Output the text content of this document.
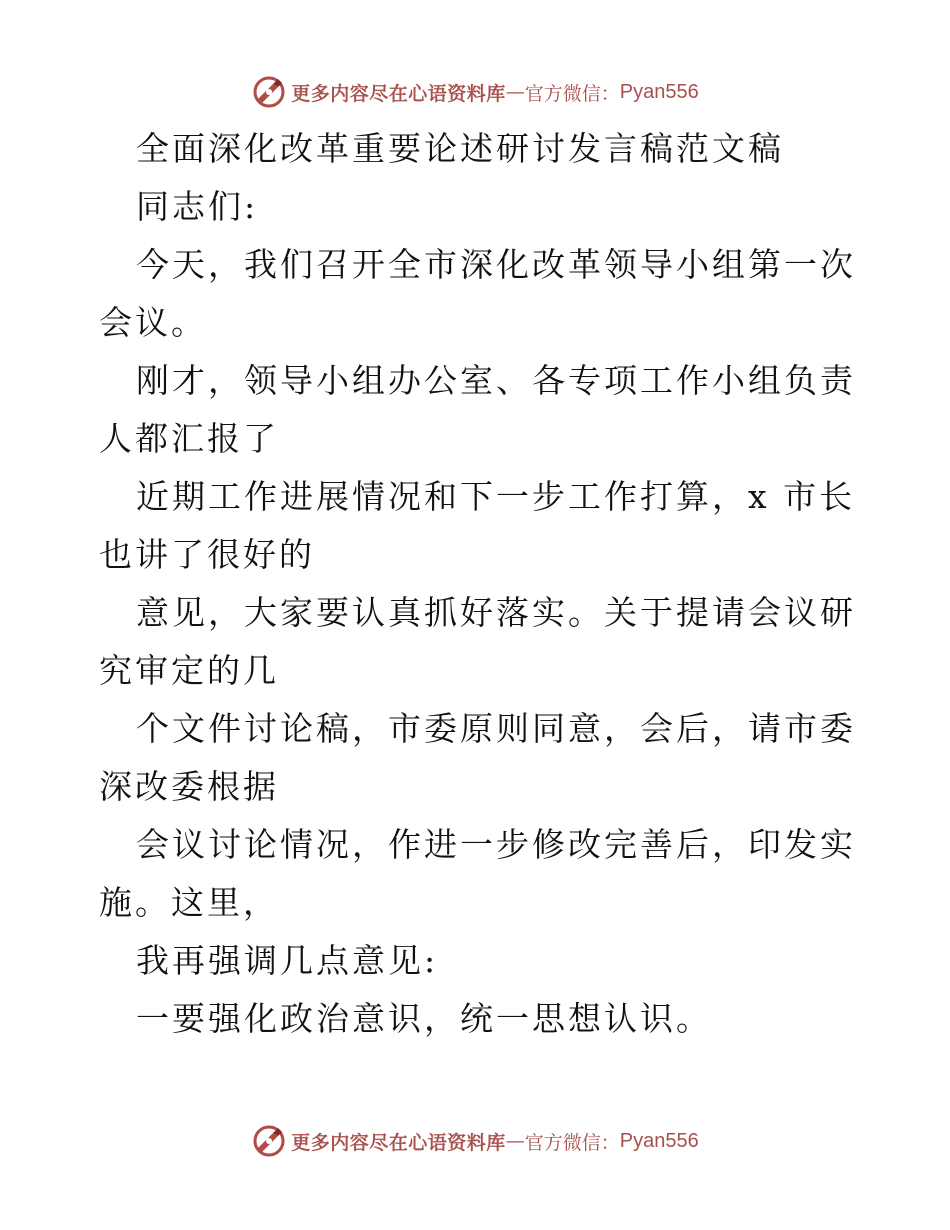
更多内容尽在心语资料库 — 官方微信： Pyan556

全面深化改革重要论述研讨发言稿范文稿

同志们:

今天，我们召开全市深化改革领导小组第一次会议。

刚才，领导小组办公室、各专项工作小组负责人都汇报了

近期工作进展情况和下一步工作打算，x 市长也讲了很好的

意见，大家要认真抓好落实。关于提请会议研究审定的几

个文件讨论稿，市委原则同意，会后，请市委深改委根据

会议讨论情况，作进一步修改完善后，印发实施。这里，

我再强调几点意见:

一要强化政治意识，统一思想认识。

更多内容尽在心语资料库 — 官方微信： Pyan556
